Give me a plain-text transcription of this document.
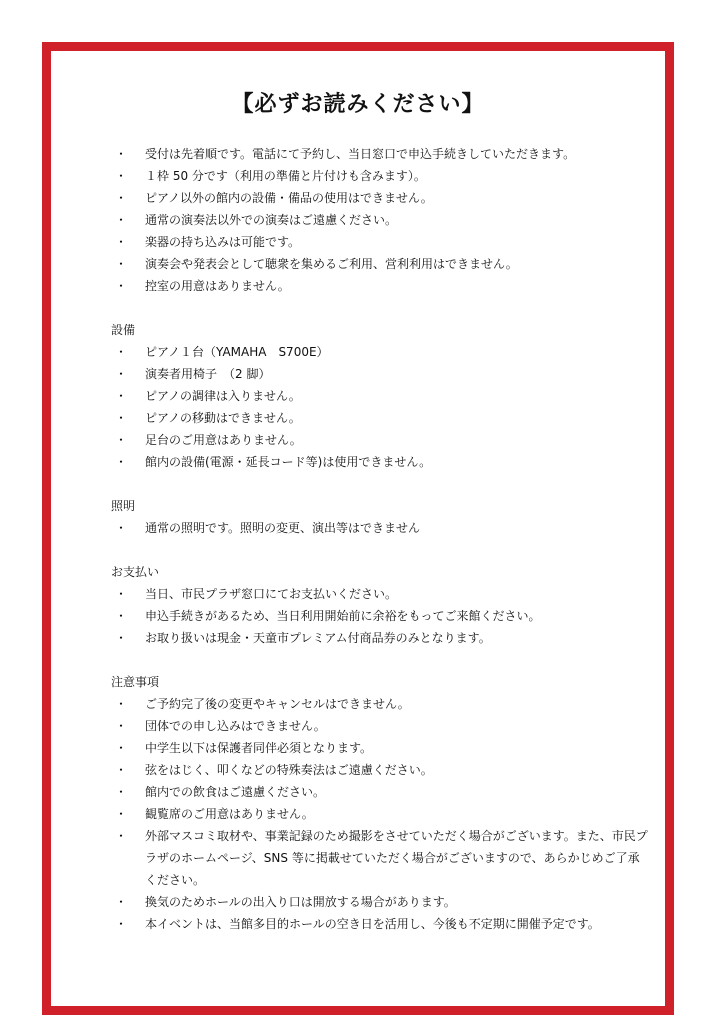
【必ずお読みください】
・	受付は先着順です。電話にて予約し、当日窓口で申込手続きしていただきます。
・	１枠 50 分です（利用の準備と片付けも含みます）。
・	ピアノ以外の館内の設備・備品の使用はできません。
・	通常の演奏法以外での演奏はご遠慮ください。
・	楽器の持ち込みは可能です。
・	演奏会や発表会として聴衆を集めるご利用、営利利用はできません。
・	控室の用意はありません。
設備
・	ピアノ１台（YAMAHA　S700E）
・	演奏者用椅子　（2 脚）
・	ピアノの調律は入りません。
・	ピアノの移動はできません。
・	足台のご用意はありません。
・	館内の設備(電源・延長コード等)は使用できません。
照明
・	通常の照明です。照明の変更、演出等はできません
お支払い
・	当日、市民プラザ窓口にてお支払いください。
・	申込手続きがあるため、当日利用開始前に余裕をもってご来館ください。
・	お取り扱いは現金・天童市プレミアム付商品券のみとなります。
注意事項
・	ご予約完了後の変更やキャンセルはできません。
・	団体での申し込みはできません。
・	中学生以下は保護者同伴必須となります。
・	弦をはじく、叩くなどの特殊奏法はご遠慮ください。
・	館内での飲食はご遠慮ください。
・	観覧席のご用意はありません。
・	外部マスコミ取材や、事業記録のため撮影をさせていただく場合がございます。また、市民プラザのホームページ、SNS 等に掲載せていただく場合がございますので、あらかじめご了承ください。
・	換気のためホールの出入り口は開放する場合があります。
・	本イベントは、当館多目的ホールの空き日を活用し、今後も不定期に開催予定です。
